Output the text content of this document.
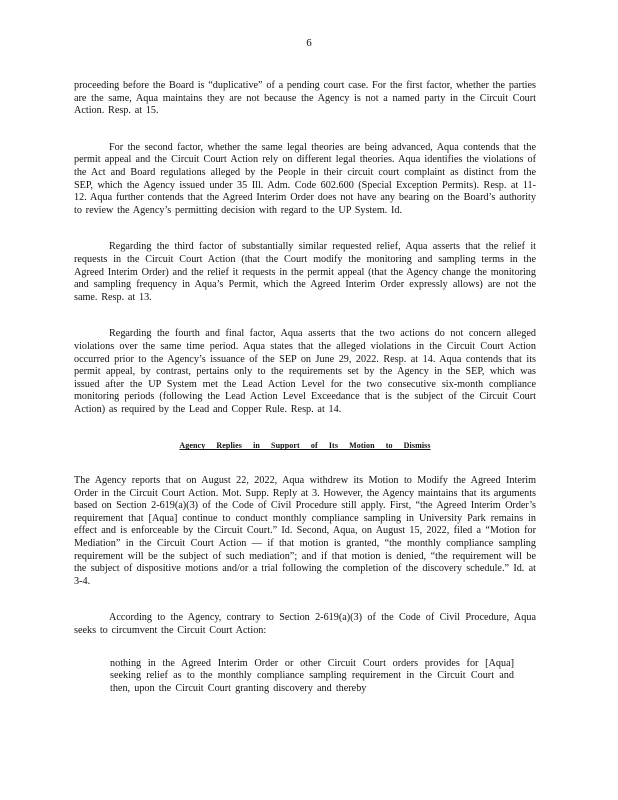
6

proceeding before the Board is “duplicative” of a pending court case. For the first factor, whether the parties are the same, Aqua maintains they are not because the Agency is not a named party in the Circuit Court Action. Resp. at 15.

For the second factor, whether the same legal theories are being advanced, Aqua contends that the permit appeal and the Circuit Court Action rely on different legal theories. Aqua identifies the violations of the Act and Board regulations alleged by the People in their circuit court complaint as distinct from the SEP, which the Agency issued under 35 Ill. Adm. Code 602.600 (Special Exception Permits). Resp. at 11-12. Aqua further contends that the Agreed Interim Order does not have any bearing on the Board’s authority to review the Agency’s permitting decision with regard to the UP System. Id.

Regarding the third factor of substantially similar requested relief, Aqua asserts that the relief it requests in the Circuit Court Action (that the Court modify the monitoring and sampling terms in the Agreed Interim Order) and the relief it requests in the permit appeal (that the Agency change the monitoring and sampling frequency in Aqua’s Permit, which the Agreed Interim Order expressly allows) are not the same. Resp. at 13.

Regarding the fourth and final factor, Aqua asserts that the two actions do not concern alleged violations over the same time period. Aqua states that the alleged violations in the Circuit Court Action occurred prior to the Agency’s issuance of the SEP on June 29, 2022. Resp. at 14. Aqua contends that its permit appeal, by contrast, pertains only to the requirements set by the Agency in the SEP, which was issued after the UP System met the Lead Action Level for the two consecutive six-month compliance monitoring periods (following the Lead Action Level Exceedance that is the subject of the Circuit Court Action) as required by the Lead and Copper Rule. Resp. at 14.

Agency Replies in Support of Its Motion to Dismiss

The Agency reports that on August 22, 2022, Aqua withdrew its Motion to Modify the Agreed Interim Order in the Circuit Court Action. Mot. Supp. Reply at 3. However, the Agency maintains that its arguments based on Section 2-619(a)(3) of the Code of Civil Procedure still apply. First, “the Agreed Interim Order’s requirement that [Aqua] continue to conduct monthly compliance sampling in University Park remains in effect and is enforceable by the Circuit Court.” Id. Second, Aqua, on August 15, 2022, filed a “Motion for Mediation” in the Circuit Court Action — if that motion is granted, “the monthly compliance sampling requirement will be the subject of such mediation”; and if that motion is denied, “the requirement will be the subject of dispositive motions and/or a trial following the completion of the discovery schedule.” Id. at 3-4.

According to the Agency, contrary to Section 2-619(a)(3) of the Code of Civil Procedure, Aqua seeks to circumvent the Circuit Court Action:

nothing in the Agreed Interim Order or other Circuit Court orders provides for [Aqua] seeking relief as to the monthly compliance sampling requirement in the Circuit Court and then, upon the Circuit Court granting discovery and thereby
